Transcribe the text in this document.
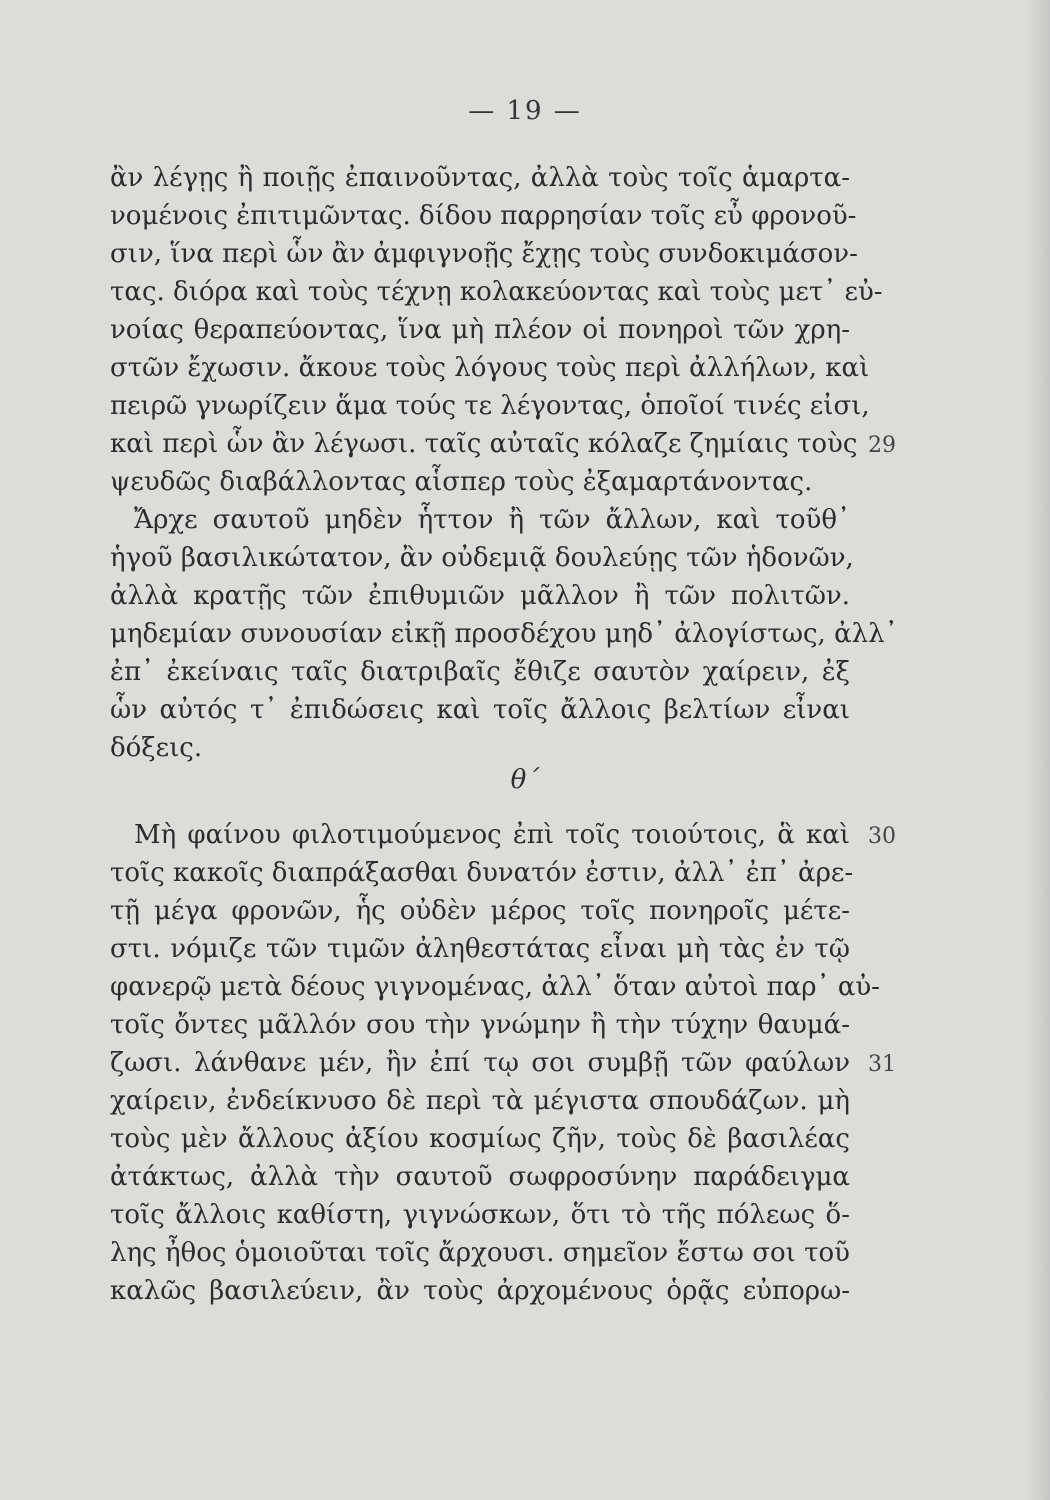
— 19 —
ἂν λέγῃς ἢ ποιῇς ἐπαινοῦντας, ἀλλὰ τοὺς τοῖς ἁμαρτα-
νομένοις ἐπιτιμῶντας. δίδου παρρησίαν τοῖς εὖ φρονοῦ-
σιν, ἵνα περὶ ὧν ἂν ἀμφιγνοῇς ἔχῃς τοὺς συνδοκιμάσον-
τας. διόρα καὶ τοὺς τέχνῃ κολακεύοντας καὶ τοὺς μετ᾽ εὐ-
νοίας θεραπεύοντας, ἵνα μὴ πλέον οἱ πονηροὶ τῶν χρη-
στῶν ἔχωσιν. ἄκουε τοὺς λόγους τοὺς περὶ ἀλλήλων, καὶ
πειρῶ γνωρίζειν ἅμα τούς τε λέγοντας, ὁποῖοί τινές εἰσι,
καὶ περὶ ὧν ἂν λέγωσι. ταῖς αὐταῖς κόλαζε ζημίαις τοὺς
ψευδῶς διαβάλλοντας αἷσπερ τοὺς ἐξαμαρτάνοντας.
Ἄρχε σαυτοῦ μηδὲν ἧττον ἢ τῶν ἄλλων, καὶ τοῦθ᾽
ἡγοῦ βασιλικώτατον, ἂν οὐδεμιᾷ δουλεύῃς τῶν ἡδονῶν,
ἀλλὰ κρατῇς τῶν ἐπιθυμιῶν μᾶλλον ἢ τῶν πολιτῶν.
μηδεμίαν συνουσίαν εἰκῇ προσδέχου μηδ᾽ ἀλογίστως, ἀλλ᾽
ἐπ᾽ ἐκείναις ταῖς διατριβαῖς ἔθιζε σαυτὸν χαίρειν, ἐξ
ὧν αὐτός τ᾽ ἐπιδώσεις καὶ τοῖς ἄλλοις βελτίων εἶναι
δόξεις.
θ´
Μὴ φαίνου φιλοτιμούμενος ἐπὶ τοῖς τοιούτοις, ἃ καὶ
τοῖς κακοῖς διαπράξασθαι δυνατόν ἐστιν, ἀλλ᾽ ἐπ᾽ ἀρε-
τῇ μέγα φρονῶν, ἧς οὐδὲν μέρος τοῖς πονηροῖς μέτε-
στι. νόμιζε τῶν τιμῶν ἀληθεστάτας εἶναι μὴ τὰς ἐν τῷ
φανερῷ μετὰ δέους γιγνομένας, ἀλλ᾽ ὅταν αὐτοὶ παρ᾽ αὐ-
τοῖς ὄντες μᾶλλόν σου τὴν γνώμην ἢ τὴν τύχην θαυμά-
ζωσι. λάνθανε μέν, ἢν ἐπί τῳ σοι συμβῇ τῶν φαύλων
χαίρειν, ἐνδείκνυσο δὲ περὶ τὰ μέγιστα σπουδάζων. μὴ
τοὺς μὲν ἄλλους ἀξίου κοσμίως ζῆν, τοὺς δὲ βασιλέας
ἀτάκτως, ἀλλὰ τὴν σαυτοῦ σωφροσύνην παράδειγμα
τοῖς ἄλλοις καθίστη, γιγνώσκων, ὅτι τὸ τῆς πόλεως ὅ-
λης ἦθος ὁμοιοῦται τοῖς ἄρχουσι. σημεῖον ἔστω σοι τοῦ
καλῶς βασιλεύειν, ἂν τοὺς ἀρχομένους ὁρᾷς εὐπορω-
29
30
31
